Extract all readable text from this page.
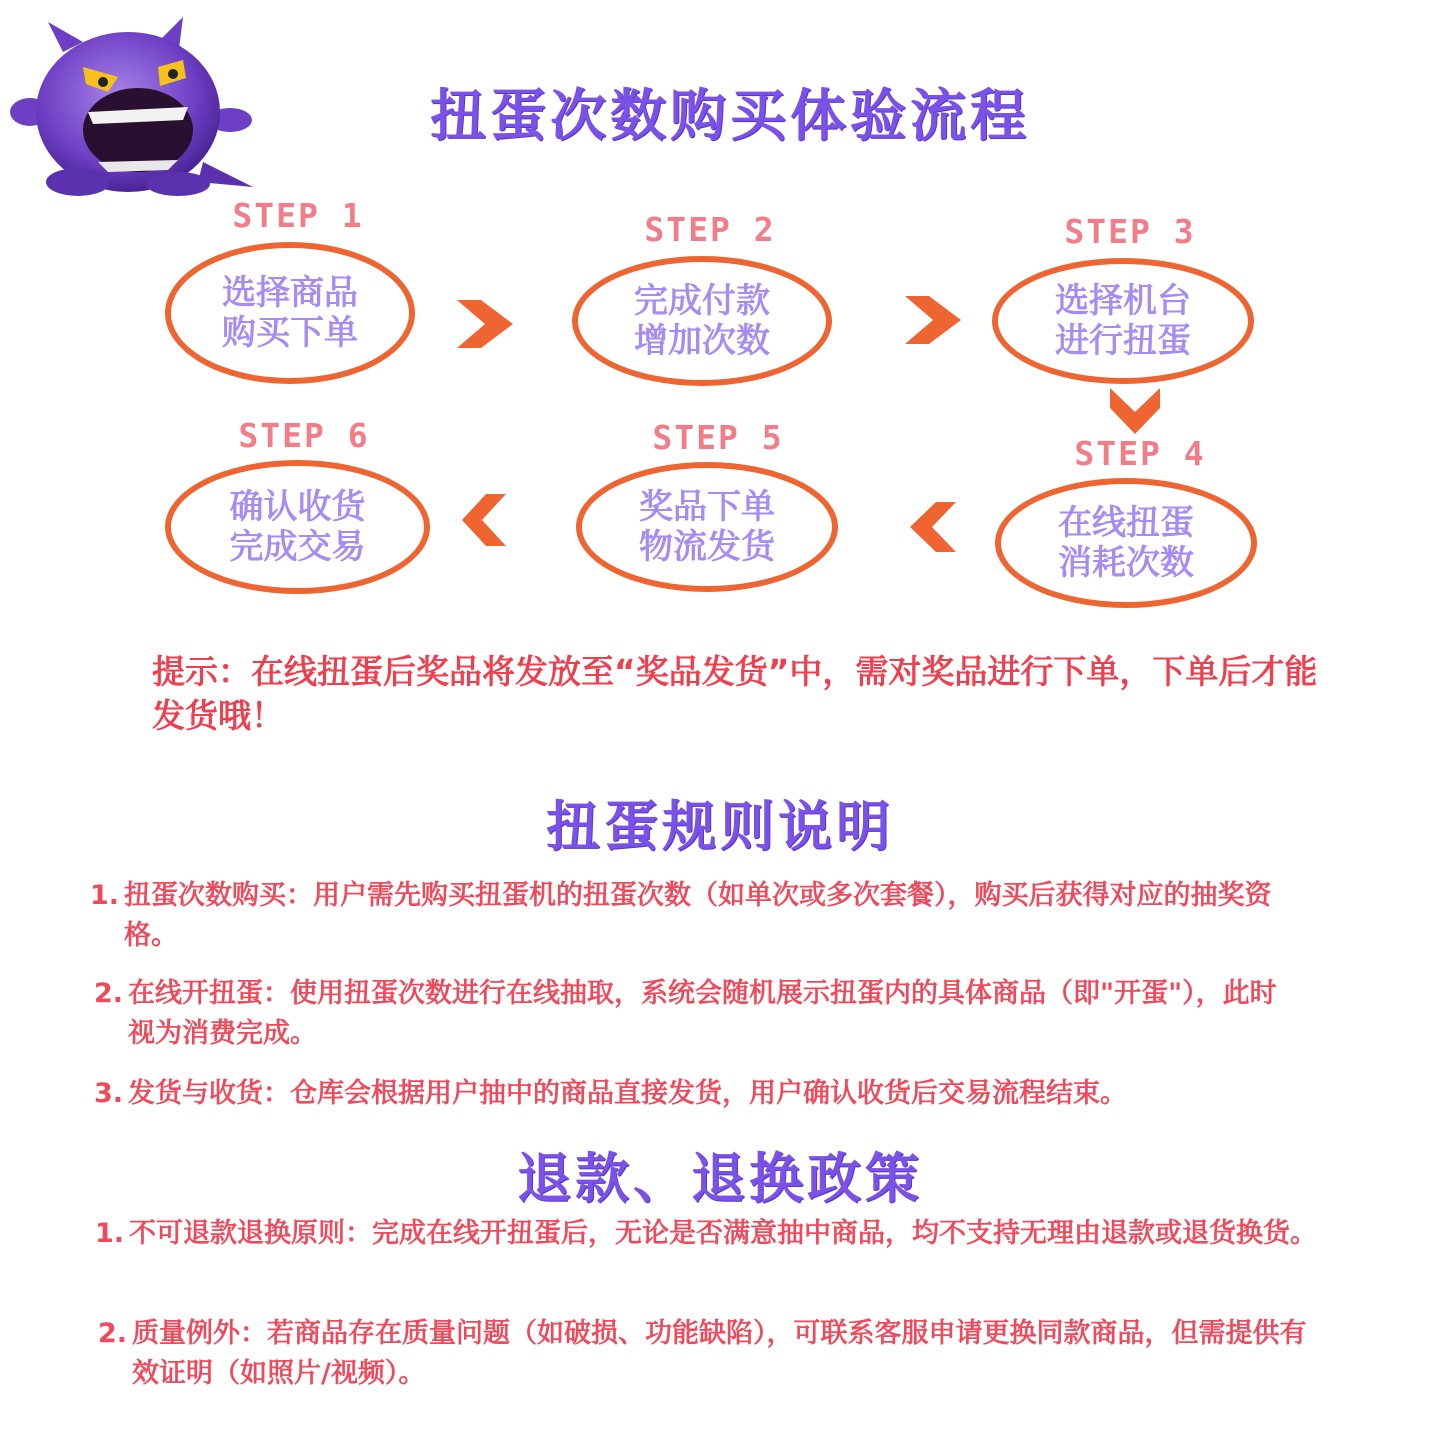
扭蛋次数购买体验流程
STEP 1
选择商品
购买下单
STEP 2
完成付款
增加次数
STEP 3
选择机台
进行扭蛋
STEP 4
在线扭蛋
消耗次数
STEP 5
奖品下单
物流发货
STEP 6
确认收货
完成交易
提示：在线扭蛋后奖品将发放至“奖品发货”中，需对奖品进行下单，下单后才能发货哦！
扭蛋规则说明
1. 扭蛋次数购买：用户需先购买扭蛋机的扭蛋次数（如单次或多次套餐），购买后获得对应的抽奖资格。
2. 在线开扭蛋：使用扭蛋次数进行在线抽取，系统会随机展示扭蛋内的具体商品（即"开蛋"），此时视为消费完成。
3. 发货与收货：仓库会根据用户抽中的商品直接发货，用户确认收货后交易流程结束。
退款、退换政策
1. 不可退款退换原则：完成在线开扭蛋后，无论是否满意抽中商品，均不支持无理由退款或退货换货。
2. 质量例外：若商品存在质量问题（如破损、功能缺陷），可联系客服申请更换同款商品，但需提供有效证明（如照片/视频）。
